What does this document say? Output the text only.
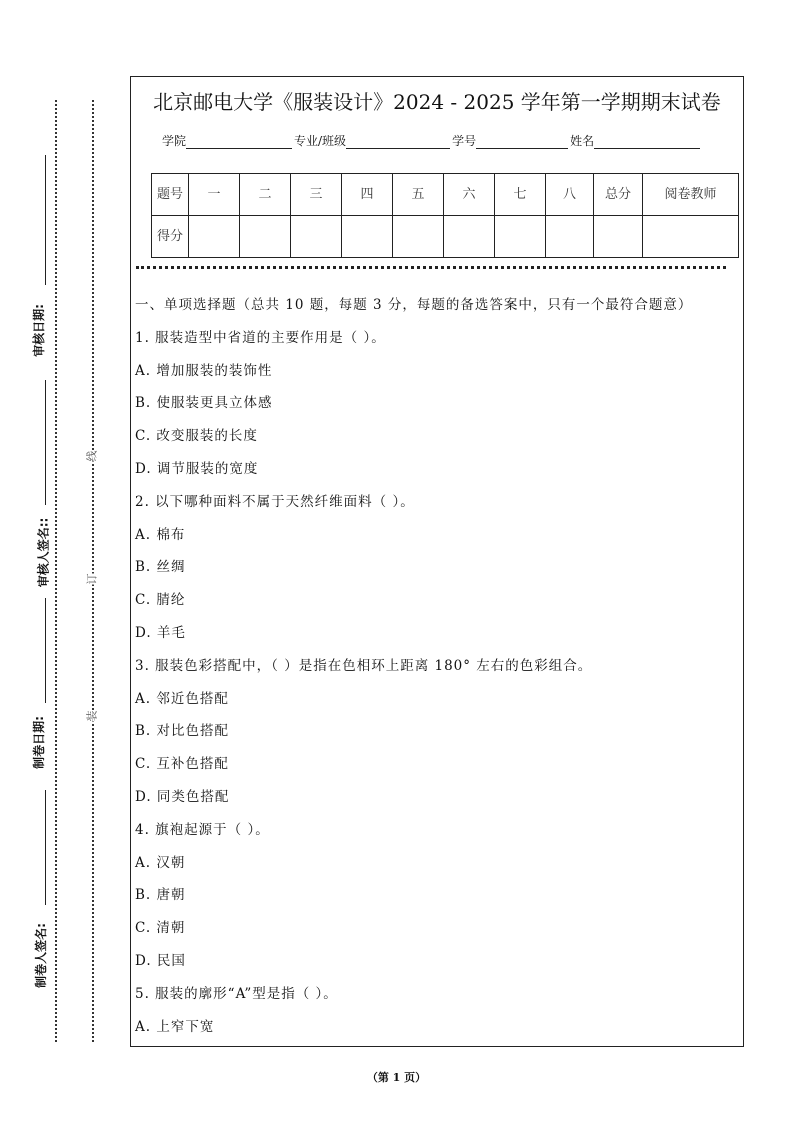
审核日期:
审核人签名::
制卷日期:
制卷人签名:
线
订
装
北京邮电大学《服装设计》2024 - 2025 学年第一学期期末试卷
学院	专业/班级	学号	姓名
题号	一	二	三	四	五	六	七	八	总分	阅卷教师
得分										
一、单项选择题（总共 10 题，每题 3 分，每题的备选答案中，只有一个最符合题意）
1. 服装造型中省道的主要作用是（ ）。
A. 增加服装的装饰性
B. 使服装更具立体感
C. 改变服装的长度
D. 调节服装的宽度
2. 以下哪种面料不属于天然纤维面料（ ）。
A. 棉布
B. 丝绸
C. 腈纶
D. 羊毛
3. 服装色彩搭配中，（ ）是指在色相环上距离 180° 左右的色彩组合。
A. 邻近色搭配
B. 对比色搭配
C. 互补色搭配
D. 同类色搭配
4. 旗袍起源于（ ）。
A. 汉朝
B. 唐朝
C. 清朝
D. 民国
5. 服装的廓形“A”型是指（ ）。
A. 上窄下宽
（第 1 页）
